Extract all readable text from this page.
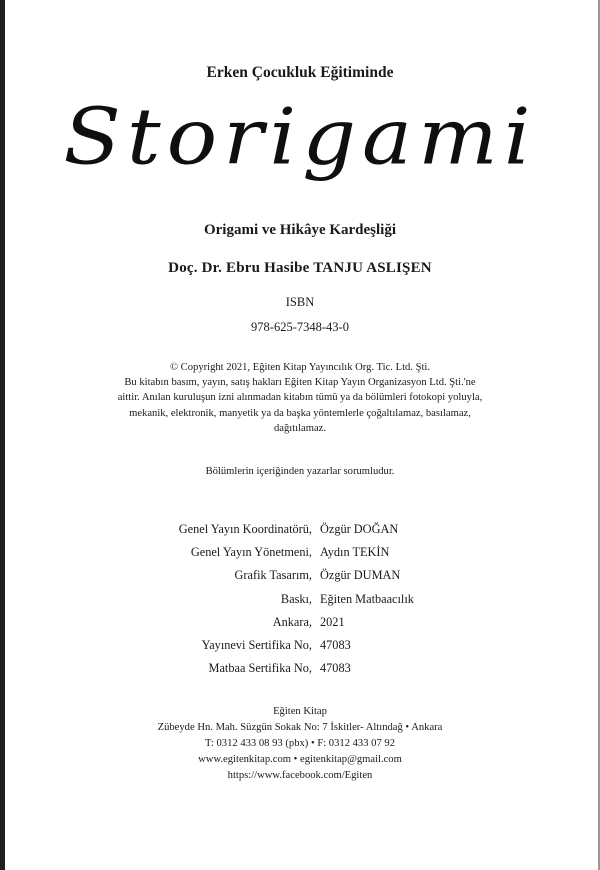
Erken Çocukluk Eğitiminde
Storigami
Origami ve Hikâye Kardeşliği
Doç. Dr. Ebru Hasibe TANJU ASLIŞEN
ISBN
978-625-7348-43-0
© Copyright 2021, Eğiten Kitap Yayıncılık Org. Tic. Ltd. Şti.
Bu kitabın basım, yayın, satış hakları Eğiten Kitap Yayın Organizasyon Ltd. Şti.'ne
aittir. Anılan kuruluşun izni alınmadan kitabın tümü ya da bölümleri fotokopi yoluyla,
mekanik, elektronik, manyetik ya da başka yöntemlerle çoğaltılamaz, basılamaz,
dağıtılamaz.
Bölümlerin içeriğinden yazarlar sorumludur.
Genel Yayın Koordinatörü, Özgür DOĞAN
Genel Yayın Yönetmeni, Aydın TEKİN
Grafik Tasarım, Özgür DUMAN
Baskı, Eğiten Matbaacılık
Ankara, 2021
Yayınevi Sertifika No, 47083
Matbaa Sertifika No, 47083
Eğiten Kitap
Zübeyde Hn. Mah. Süzgün Sokak No: 7 İskitler- Altındağ • Ankara
T: 0312 433 08 93 (pbx) • F: 0312 433 07 92
www.egitenkitap.com • egitenkitap@gmail.com
https://www.facebook.com/Egiten
